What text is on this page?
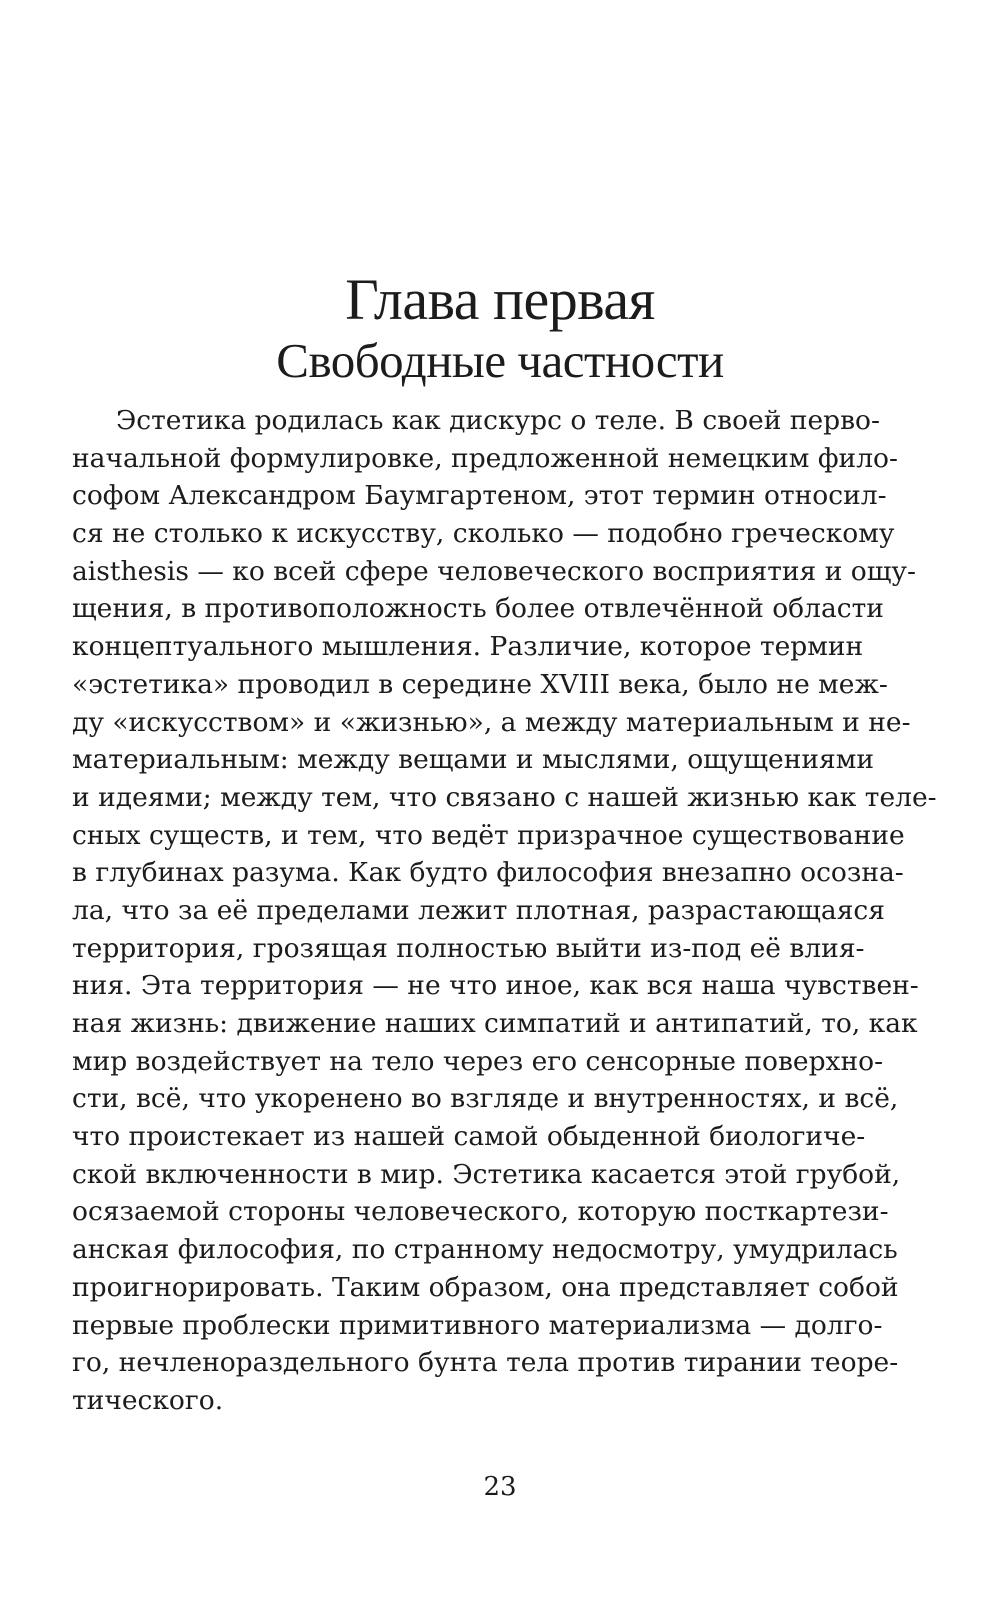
Глава первая
Свободные частности
Эстетика родилась как дискурс о теле. В своей перво-
начальной формулировке, предложенной немецким фило-
софом Александром Баумгартеном, этот термин относил-
ся не столько к искусству, сколько — подобно греческому
aisthesis — ко всей сфере человеческого восприятия и ощу-
щения, в противоположность более отвлечённой области
концептуального мышления. Различие, которое термин
«эстетика» проводил в середине XVIII века, было не меж-
ду «искусством» и «жизнью», а между материальным и не-
материальным: между вещами и мыслями, ощущениями
и идеями; между тем, что связано с нашей жизнью как теле-
сных существ, и тем, что ведёт призрачное существование
в глубинах разума. Как будто философия внезапно осозна-
ла, что за её пределами лежит плотная, разрастающаяся
территория, грозящая полностью выйти из-под её влия-
ния. Эта территория — не что иное, как вся наша чувствен-
ная жизнь: движение наших симпатий и антипатий, то, как
мир воздействует на тело через его сенсорные поверхно-
сти, всё, что укоренено во взгляде и внутренностях, и всё,
что проистекает из нашей самой обыденной биологиче-
ской включенности в мир. Эстетика касается этой грубой,
осязаемой стороны человеческого, которую посткартези-
анская философия, по странному недосмотру, умудрилась
проигнорировать. Таким образом, она представляет собой
первые проблески примитивного материализма — долго-
го, нечленораздельного бунта тела против тирании теоре-
тического.
23
